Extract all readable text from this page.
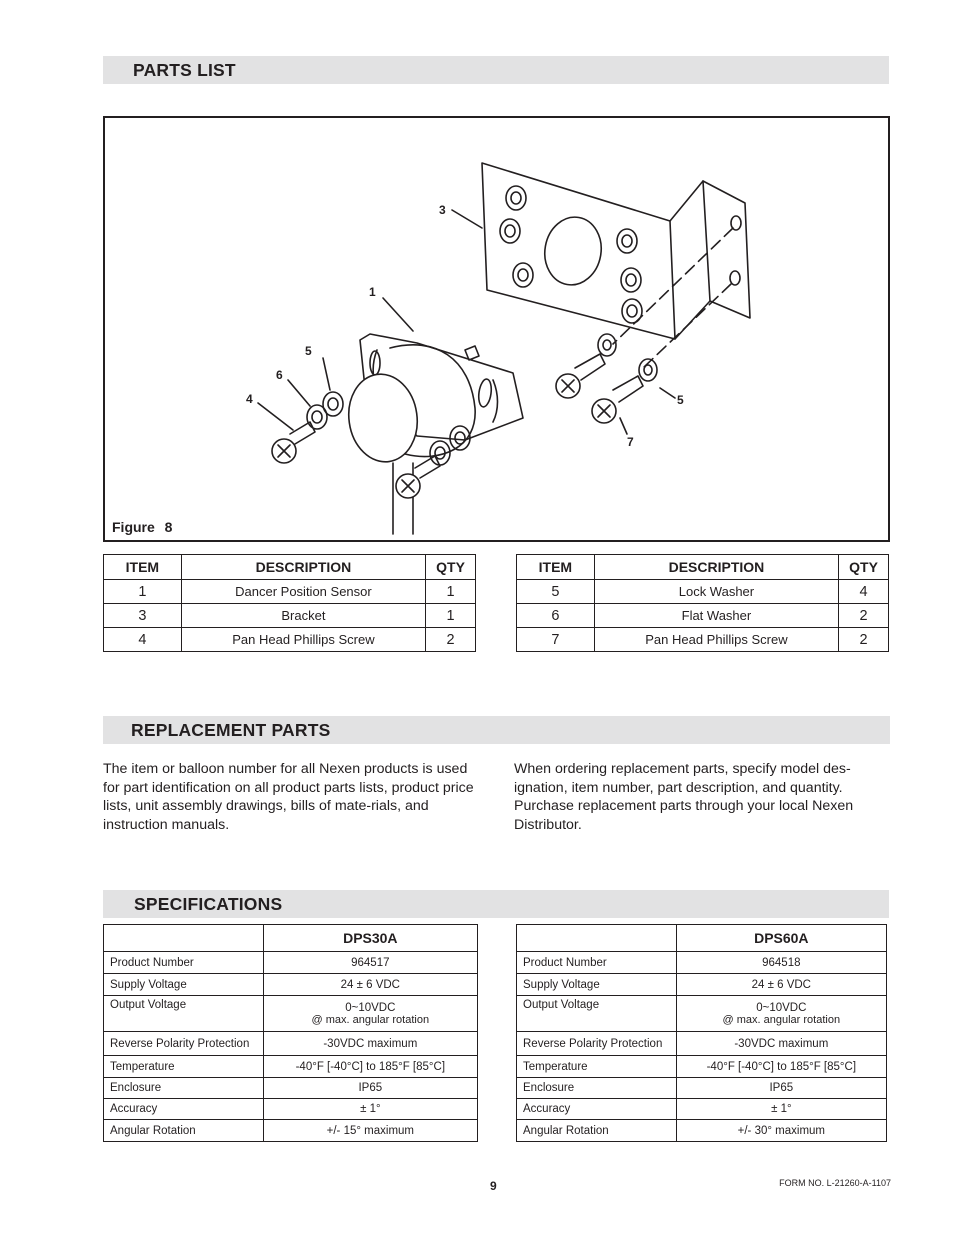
PARTS LIST
3
1
5
6
4	5
7
Figure 8
ITEM	DESCRIPTION	QTY
1	Dancer Position Sensor	1
3	Bracket	1
4	Pan Head Phillips Screw	2
ITEM	DESCRIPTION	QTY
5	Lock Washer	4
6	Flat Washer	2
7	Pan Head Phillips Screw	2
REPLACEMENT PARTS
The item or balloon number for all Nexen products is used for part identification on all product parts lists, product price lists, unit assembly drawings, bills of mate-rials, and instruction manuals.
When ordering replacement parts, specify model des-ignation, item number, part description, and quantity. Purchase replacement parts through your local Nexen Distributor.
SPECIFICATIONS
	DPS30A
Product Number	964517
Supply Voltage	24 ± 6 VDC
Output Voltage	0~10VDC
@ max. angular rotation

Reverse Polarity Protection	-30VDC maximum
Temperature	-40°F [-40°C] to 185°F [85°C]
Enclosure	IP65
Accuracy	± 1°
Angular Rotation	+/- 15° maximum
	DPS60A
Product Number	964518
Supply Voltage	24 ± 6 VDC
Output Voltage	0~10VDC
@ max. angular rotation

Reverse Polarity Protection	-30VDC maximum
Temperature	-40°F [-40°C] to 185°F [85°C]
Enclosure	IP65
Accuracy	± 1°
Angular Rotation	+/- 30° maximum
9	FORM NO. L-21260-A-1107
